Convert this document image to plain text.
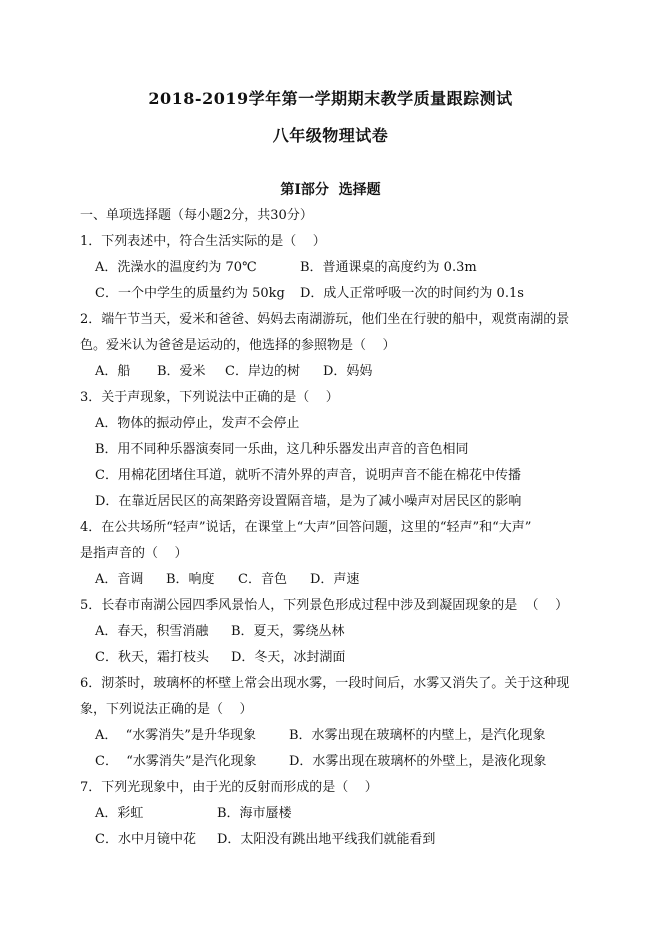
2018-2019学年第一学期期末教学质量跟踪测试
八年级物理试卷
第Ⅰ部分  选择题
一、单项选择题（每小题2分，共30分）
1．下列表述中，符合生活实际的是（    ）
A．洗澡水的温度约为 70℃	B．普通课桌的高度约为 0.3m
C．一个中学生的质量约为 50kg D．成人正常呼吸一次的时间约为 0.1s
2．端午节当天，爱米和爸爸、妈妈去南湖游玩，他们坐在行驶的船中，观赏南湖的景
色。爱米认为爸爸是运动的，他选择的参照物是（    ）
A．船 B．爱米 C．岸边的树 D．妈妈
3．关于声现象，下列说法中正确的是（    ）
A．物体的振动停止，发声不会停止
B．用不同种乐器演奏同一乐曲，这几种乐器发出声音的音色相同
C．用棉花团堵住耳道，就听不清外界的声音，说明声音不能在棉花中传播
D．在靠近居民区的高架路旁设置隔音墙，是为了减小噪声对居民区的影响
4．在公共场所“轻声”说话，在课堂上“大声”回答问题，这里的“轻声”和“大声”
是指声音的（    ）
A．音调 B．响度 C．音色 D．声速
5．长春市南湖公园四季风景怡人，下列景色形成过程中涉及到凝固现象的是  （    ）
A．春天，积雪消融 B．夏天，雾绕丛林
C．秋天，霜打枝头 D．冬天，冰封湖面
6．沏茶时，玻璃杯的杯壁上常会出现水雾，一段时间后，水雾又消失了。关于这种现
象，下列说法正确的是（    ）
A．  “水雾消失”是升华现象	B．水雾出现在玻璃杯的内壁上，是汽化现象
C．  “水雾消失”是汽化现象 D．水雾出现在玻璃杯的外壁上，是液化现象
7．下列光现象中，由于光的反射而形成的是（    ）
A．彩虹	B．海市蜃楼
C．水中月镜中花 D．太阳没有跳出地平线我们就能看到
